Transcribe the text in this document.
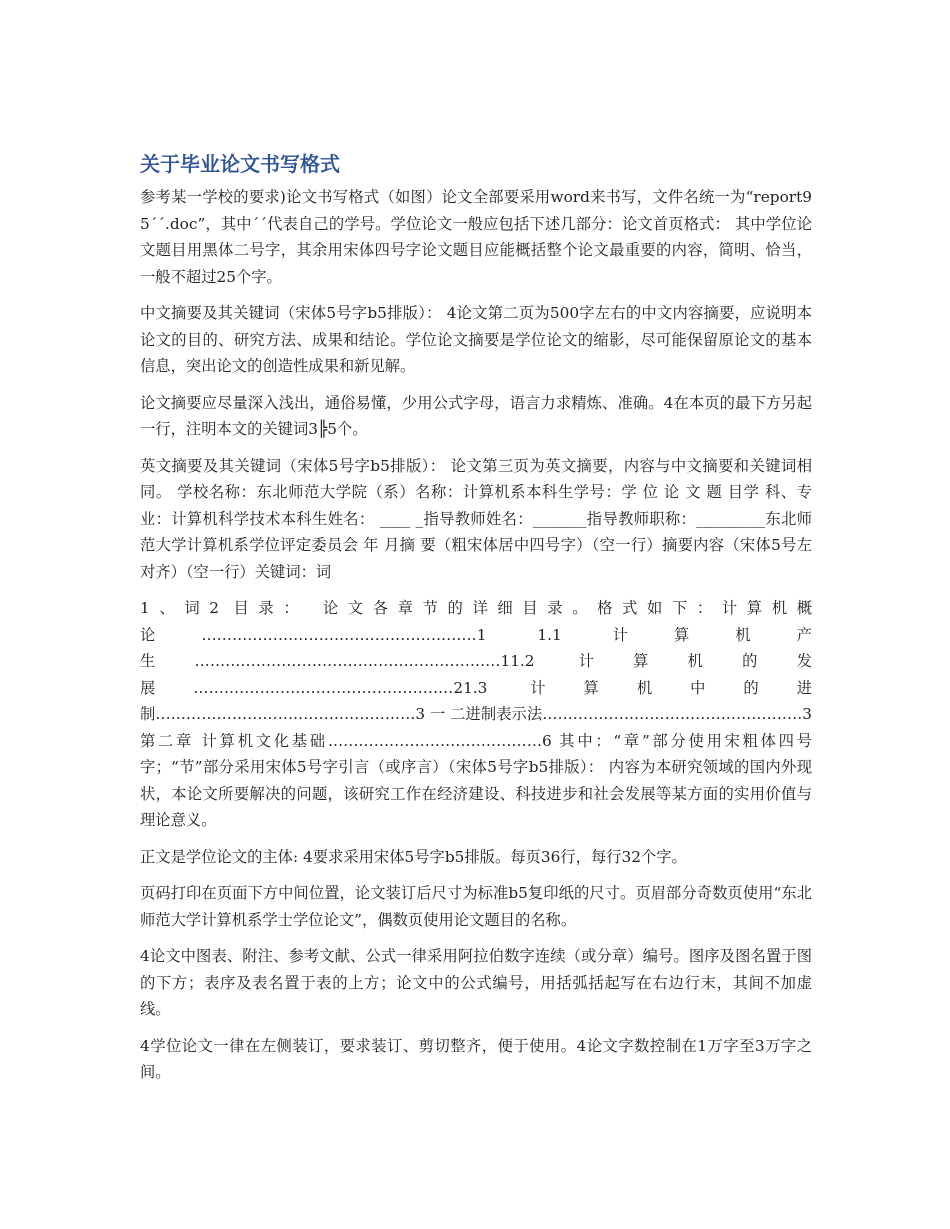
关于毕业论文书写格式

参考某一学校的要求)论文书写格式（如图）论文全部要采用word来书写，文件名统一为“report95´´.doc”，其中´´代表自己的学号。学位论文一般应包括下述几部分：论文首页格式： 其中学位论文题目用黑体二号字，其余用宋体四号字论文题目应能概括整个论文最重要的内容，简明、恰当，一般不超过25个字。

中文摘要及其关键词（宋体5号字b5排版）： 4论文第二页为500字左右的中文内容摘要，应说明本论文的目的、研究方法、成果和结论。学位论文摘要是学位论文的缩影，尽可能保留原论文的基本信息，突出论文的创造性成果和新见解。

论文摘要应尽量深入浅出，通俗易懂，少用公式字母，语言力求精炼、准确。4在本页的最下方另起一行，注明本文的关键词3╠5个。

英文摘要及其关键词（宋体5号字b5排版）： 论文第三页为英文摘要，内容与中文摘要和关键词相同。 学校名称：东北师范大学院（系）名称：计算机系本科生学号：学 位 论 文 题 目学 科、专 业：计算机科学技术本科生姓名： ____ _指导教师姓名：_______指导教师职称：_________东北师范大学计算机系学位评定委员会 年 月摘 要（粗宋体居中四号字）（空一行）摘要内容（宋体5号左对齐）（空一行）关键词：词

1、词2 目录： 论文各章节的详细目录。格式如下：计算机概论………………………………………………1 1.1 计算机产生……………………………………………………11.2 计算机的发展……………………………………………21.3 计算机中的进制……………………………………………3 一 二进制表示法……………………………………………3 第二章 计算机文化基础……………………………………6 其中：“章”部分使用宋粗体四号字；“节”部分采用宋体5号字引言（或序言）（宋体5号字b5排版）： 内容为本研究领域的国内外现状，本论文所要解决的问题，该研究工作在经济建设、科技进步和社会发展等某方面的实用价值与理论意义。

正文是学位论文的主体: 4要求采用宋体5号字b5排版。每页36行，每行32个字。

页码打印在页面下方中间位置，论文装订后尺寸为标准b5复印纸的尺寸。页眉部分奇数页使用“东北师范大学计算机系学士学位论文”，偶数页使用论文题目的名称。

4论文中图表、附注、参考文献、公式一律采用阿拉伯数字连续（或分章）编号。图序及图名置于图的下方；表序及表名置于表的上方；论文中的公式编号，用括弧括起写在右边行末，其间不加虚线。

4学位论文一律在左侧装订，要求装订、剪切整齐，便于使用。4论文字数控制在1万字至3万字之间。
